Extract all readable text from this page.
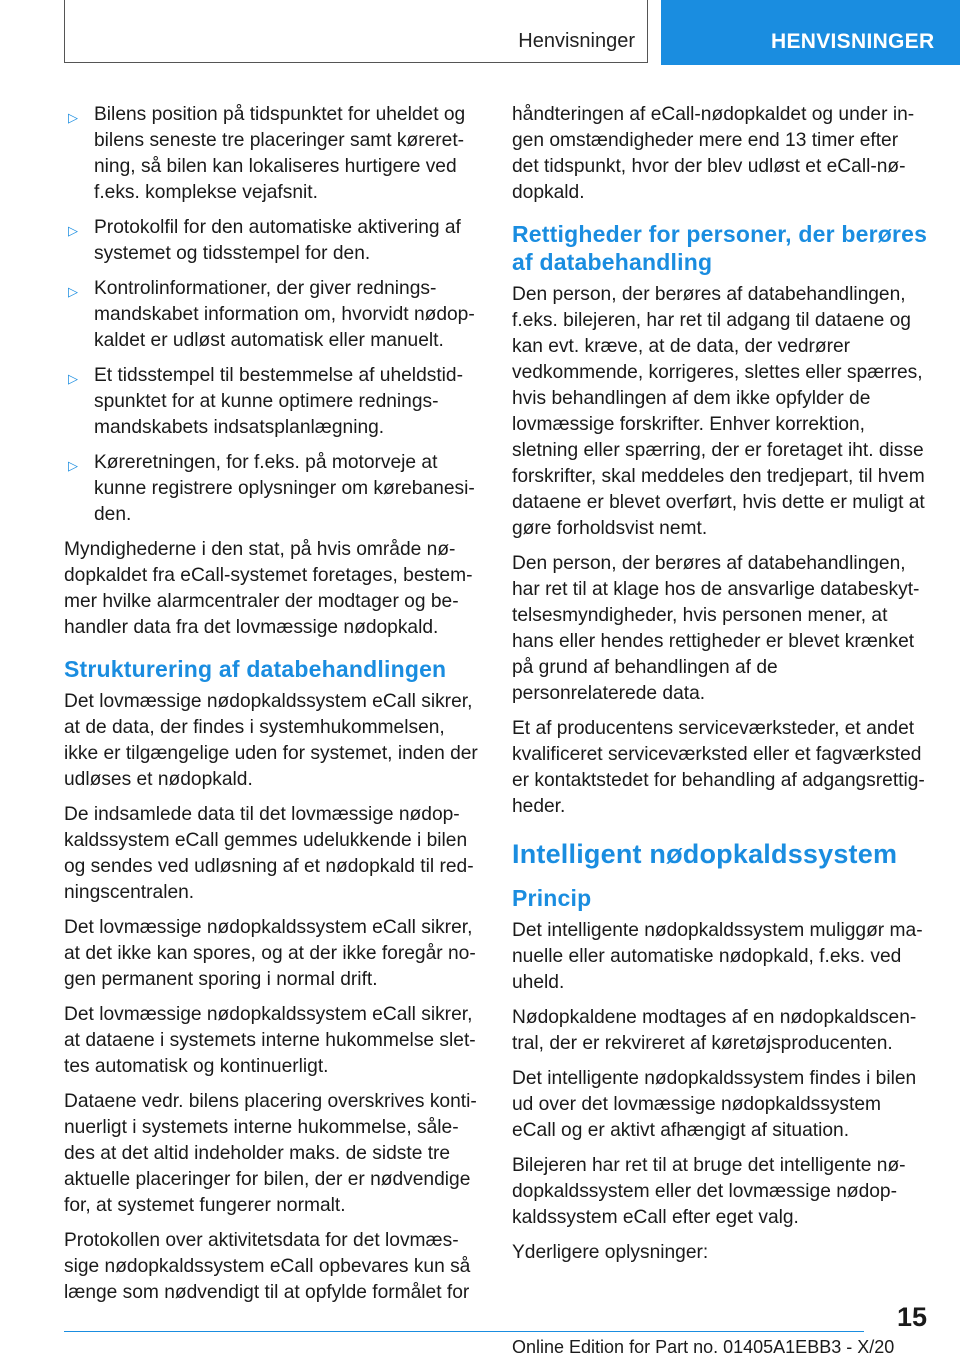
Henvisninger	HENVISNINGER
▷ Bilens position på tidspunktet for uheldet og bilens seneste tre placeringer samt køreretning, så bilen kan lokaliseres hurtigere ved f.eks. komplekse vejafsnit.
▷ Protokolfil for den automatiske aktivering af systemet og tidsstempel for den.
▷ Kontrolinformationer, der giver redningsmandskabet information om, hvorvidt nødopkaldet er udløst automatisk eller manuelt.
▷ Et tidsstempel til bestemmelse af uheldstidspunktet for at kunne optimere redningsmandskabets indsatsplanlægning.
▷ Køreretningen, for f.eks. på motorveje at kunne registrere oplysninger om kørebanesiden.

Myndighederne i den stat, på hvis område nødopkaldet fra eCall-systemet foretages, bestemmer hvilke alarmcentraler der modtager og behandler data fra det lovmæssige nødopkald.

Strukturering af databehandlingen

Det lovmæssige nødopkaldssystem eCall sikrer, at de data, der findes i systemhukommelsen, ikke er tilgængelige uden for systemet, inden der udløses et nødopkald.

De indsamlede data til det lovmæssige nødopkaldssystem eCall gemmes udelukkende i bilen og sendes ved udløsning af et nødopkald til redningscentralen.

Det lovmæssige nødopkaldssystem eCall sikrer, at det ikke kan spores, og at der ikke foregår nogen permanent sporing i normal drift.

Det lovmæssige nødopkaldssystem eCall sikrer, at dataene i systemets interne hukommelse slettes automatisk og kontinuerligt.

Dataene vedr. bilens placering overskrives kontinuerligt i systemets interne hukommelse, således at det altid indeholder maks. de sidste tre aktuelle placeringer for bilen, der er nødvendige for, at systemet fungerer normalt.

Protokollen over aktivitetsdata for det lovmæssige nødopkaldssystem eCall opbevares kun så længe som nødvendigt til at opfylde formålet for

håndteringen af eCall-nødopkaldet og under ingen omstændigheder mere end 13 timer efter det tidspunkt, hvor der blev udløst et eCall-nødopkald.

Rettigheder for personer, der berøres af databehandling

Den person, der berøres af databehandlingen, f.eks. bilejeren, har ret til adgang til dataene og kan evt. kræve, at de data, der vedrører vedkommende, korrigeres, slettes eller spærres, hvis behandlingen af dem ikke opfylder de lovmæssige forskrifter. Enhver korrektion, sletning eller spærring, der er foretaget iht. disse forskrifter, skal meddeles den tredjepart, til hvem dataene er blevet overført, hvis dette er muligt at gøre forholdsvist nemt.

Den person, der berøres af databehandlingen, har ret til at klage hos de ansvarlige databeskyttelsesmyndigheder, hvis personen mener, at hans eller hendes rettigheder er blevet krænket på grund af behandlingen af de personrelaterede data.

Et af producentens serviceværksteder, et andet kvalificeret serviceværksted eller et fagværksted er kontaktstedet for behandling af adgangsrettigheder.

Intelligent nødopkaldssystem
Princip

Det intelligente nødopkaldssystem muliggør manuelle eller automatiske nødopkald, f.eks. ved uheld.

Nødopkaldene modtages af en nødopkaldscentral, der er rekvireret af køretøjsproducenten.

Det intelligente nødopkaldssystem findes i bilen ud over det lovmæssige nødopkaldssystem eCall og er aktivt afhængigt af situation.

Bilejeren har ret til at bruge det intelligente nødopkaldssystem eller det lovmæssige nødopkaldssystem eCall efter eget valg.

Yderligere oplysninger:

15
Online Edition for Part no. 01405A1EBB3 - X/20
